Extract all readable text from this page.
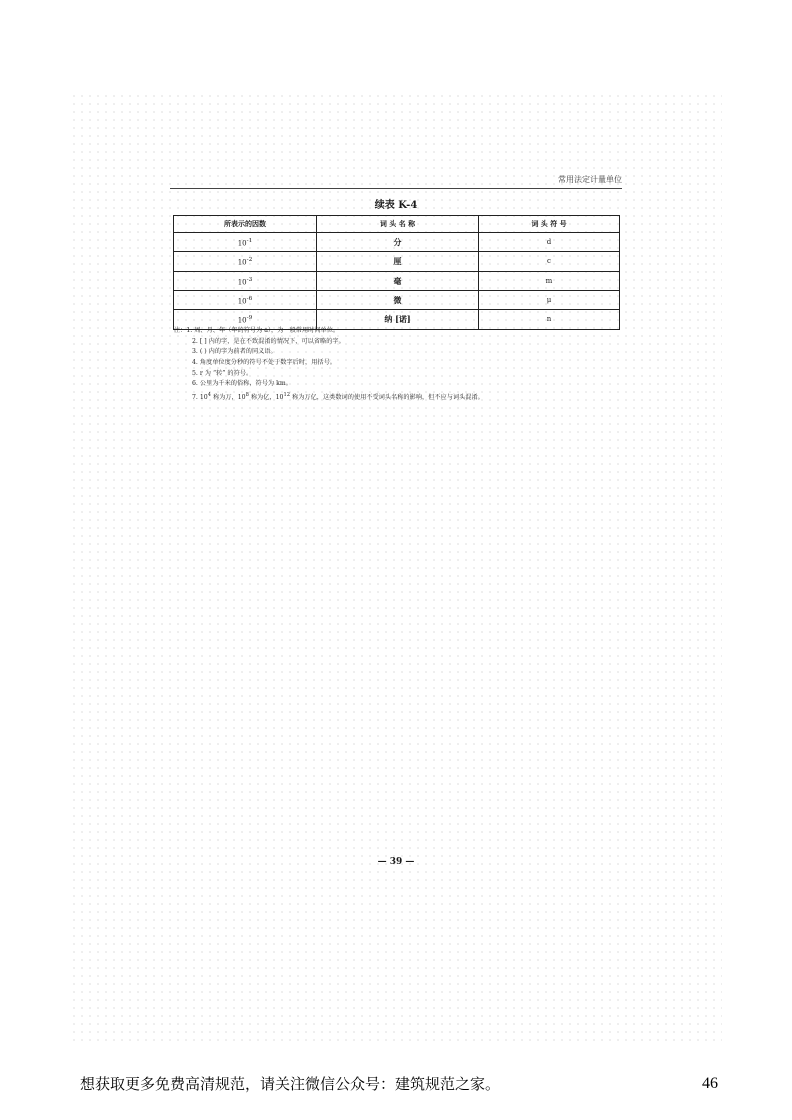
常用法定计量单位
续表 K-4
所表示的因数	词 头 名 称	词 头 符 号
$10^{-1}$	分	d
$10^{-2}$	厘	c
$10^{-3}$	毫	m
$10^{-6}$	微	μ
$10^{-9}$	纳 [诺]	n
注：1. 周、月、年（年的符号为 a），为一般常用时间单位。
2. [ ] 内的字，是在不致混淆的情况下，可以省略的字。
3. ( ) 内的字为前者的同义语。
4. 角度单位度分秒的符号不处于数字后时，用括号。
5. r 为 “转” 的符号。
6. 公里为千米的俗称，符号为 km。
7. $10^4$ 称为万，$10^8$ 称为亿，$10^{12}$ 称为万亿，这类数词的使用不受词头名称的影响，但不应与词头混淆。
— 39 —
想获取更多免费高清规范，请关注微信公众号：建筑规范之家。	46
